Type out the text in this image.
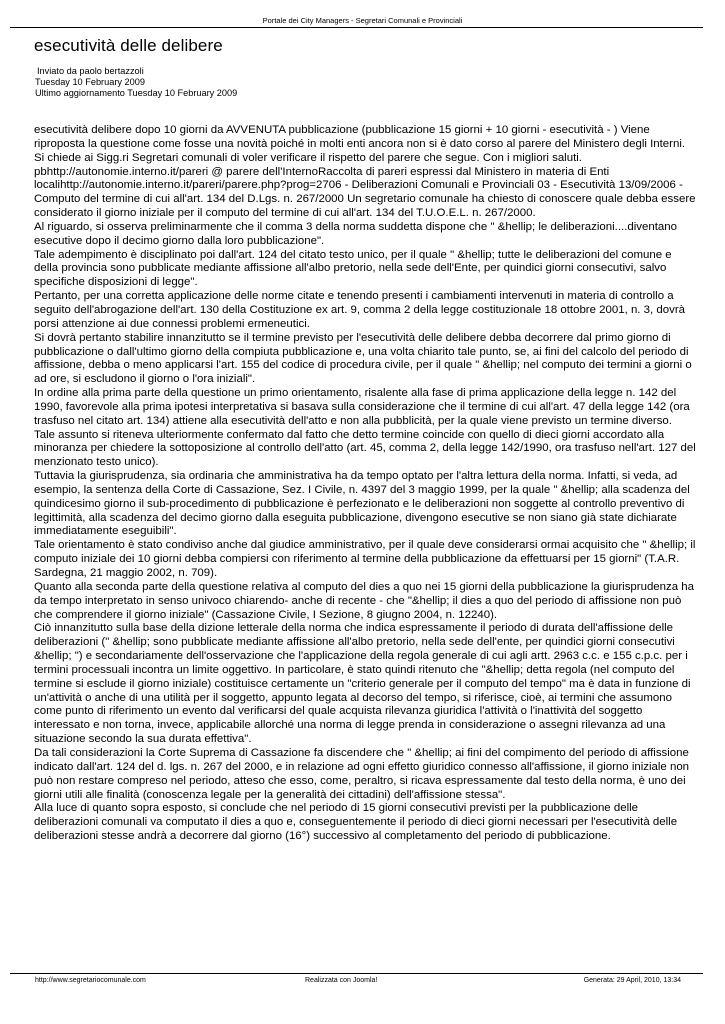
Portale dei City Managers - Segretari Comunali e Provinciali
esecutività delle delibere
Inviato da paolo bertazzoli
Tuesday 10 February 2009
Ultimo aggiornamento Tuesday 10 February 2009

esecutività delibere dopo 10 giorni da AVVENUTA pubblicazione (pubblicazione 15 giorni + 10 giorni - esecutività - ) Viene riproposta la questione come fosse una novità poiché in molti enti ancora non si è dato corso al parere del Ministero degli Interni. Si chiede ai Sigg.ri Segretari comunali di voler verificare il rispetto del parere che segue. Con i migliori saluti. pbhttp://autonomie.interno.it/pareri @ parere dell'InternoRaccolta di pareri espressi dal Ministero in materia di Enti localihttp://autonomie.interno.it/pareri/parere.php?prog=2706 - Deliberazioni Comunali e Provinciali 03 - Esecutività 13/09/2006 - Computo del termine di cui all'art. 134 del D.Lgs. n. 267/2000 Un segretario comunale ha chiesto di conoscere quale debba essere considerato il giorno iniziale per il computo del termine di cui all'art. 134 del T.U.O.E.L. n. 267/2000.

Al riguardo, si osserva preliminarmente che il comma 3 della norma suddetta dispone che " &hellip; le deliberazioni....diventano esecutive dopo il decimo giorno dalla loro pubblicazione".

Tale adempimento è disciplinato poi dall'art. 124 del citato testo unico, per il quale " &hellip; tutte le deliberazioni del comune e della provincia sono pubblicate mediante affissione all'albo pretorio, nella sede dell'Ente, per quindici giorni consecutivi, salvo specifiche disposizioni di legge".

Pertanto, per una corretta applicazione delle norme citate e tenendo presenti i cambiamenti intervenuti in materia di controllo a seguito dell'abrogazione dell'art. 130 della Costituzione ex art. 9, comma 2 della legge costituzionale 18 ottobre 2001, n. 3, dovrà porsi attenzione ai due connessi problemi ermeneutici.

Si dovrà pertanto stabilire innanzitutto se il termine previsto per l'esecutività delle delibere debba decorrere dal primo giorno di pubblicazione o dall'ultimo giorno della compiuta pubblicazione e, una volta chiarito tale punto, se, ai fini del calcolo del periodo di affissione, debba o meno applicarsi l'art. 155 del codice di procedura civile, per il quale " &hellip; nel computo dei termini a giorni o ad ore, si escludono il giorno o l'ora iniziali".

In ordine alla prima parte della questione un primo orientamento, risalente alla fase di prima applicazione della legge n. 142 del 1990, favorevole alla prima ipotesi interpretativa si basava sulla considerazione che il termine di cui all'art. 47 della legge 142 (ora trasfuso nel citato art. 134) attiene alla esecutività dell'atto e non alla pubblicità, per la quale viene previsto un termine diverso.

Tale assunto si riteneva ulteriormente confermato dal fatto che detto termine coincide con quello di dieci giorni accordato alla minoranza per chiedere la sottoposizione al controllo dell'atto (art. 45, comma 2, della legge 142/1990, ora trasfuso nell'art. 127 del menzionato testo unico).

Tuttavia la giurisprudenza, sia ordinaria che amministrativa ha da tempo optato per l'altra lettura della norma. Infatti, si veda, ad esempio, la sentenza della Corte di Cassazione, Sez. I Civile, n. 4397 del 3 maggio 1999, per la quale " &hellip; alla scadenza del quindicesimo giorno il sub-procedimento di pubblicazione è perfezionato e le deliberazioni non soggette al controllo preventivo di legittimità, alla scadenza del decimo giorno dalla eseguita pubblicazione, divengono esecutive se non siano già state dichiarate immediatamente eseguibili".

Tale orientamento è stato condiviso anche dal giudice amministrativo, per il quale deve considerarsi ormai acquisito che " &hellip; il computo iniziale dei 10 giorni debba compiersi con riferimento al termine della pubblicazione da effettuarsi per 15 giorni" (T.A.R. Sardegna, 21 maggio 2002, n. 709).

Quanto alla seconda parte della questione relativa al computo del dies a quo nei 15 giorni della pubblicazione la giurisprudenza ha da tempo interpretato in senso univoco chiarendo- anche di recente - che "&hellip; il dies a quo del periodo di affissione non può che comprendere il giorno iniziale" (Cassazione Civile, I Sezione, 8 giugno 2004, n. 12240).

Ciò innanzitutto sulla base della dizione letterale della norma che indica espressamente il periodo di durata dell'affissione delle deliberazioni (" &hellip; sono pubblicate mediante affissione all'albo pretorio, nella sede dell'ente, per quindici giorni consecutivi &hellip; ") e secondariamente dell'osservazione che l'applicazione della regola generale di cui agli artt. 2963 c.c. e 155 c.p.c. per i termini processuali incontra un limite oggettivo. In particolare, è stato quindi ritenuto che "&hellip; detta regola (nel computo del termine si esclude il giorno iniziale) costituisce certamente un "criterio generale per il computo del tempo" ma è data in funzione di un'attività o anche di una utilità per il soggetto, appunto legata al decorso del tempo, si riferisce, cioè, ai termini che assumono come punto di riferimento un evento dal verificarsi del quale acquista rilevanza giuridica l'attività o l'inattività del soggetto interessato e non torna, invece, applicabile allorché una norma di legge prenda in considerazione o assegni rilevanza ad una situazione secondo la sua durata effettiva".

Da tali considerazioni la Corte Suprema di Cassazione fa discendere che " &hellip; ai fini del compimento del periodo di affissione indicato dall'art. 124 del d. lgs. n. 267 del 2000, e in relazione ad ogni effetto giuridico connesso all'affissione, il giorno iniziale non può non restare compreso nel periodo, atteso che esso, come, peraltro, si ricava espressamente dal testo della norma, è uno dei giorni utili alle finalità (conoscenza legale per la generalità dei cittadini) dell'affissione stessa".

Alla luce di quanto sopra esposto, si conclude che nel periodo di 15 giorni consecutivi previsti per la pubblicazione delle deliberazioni comunali va computato il dies a quo e, conseguentemente il periodo di dieci giorni necessari per l'esecutività delle deliberazioni stesse andrà a decorrere dal giorno (16°) successivo al completamento del periodo di pubblicazione.

http://www.segretariocomunale.com	Realizzata con Joomla!	Generata: 29 April, 2010, 13:34
